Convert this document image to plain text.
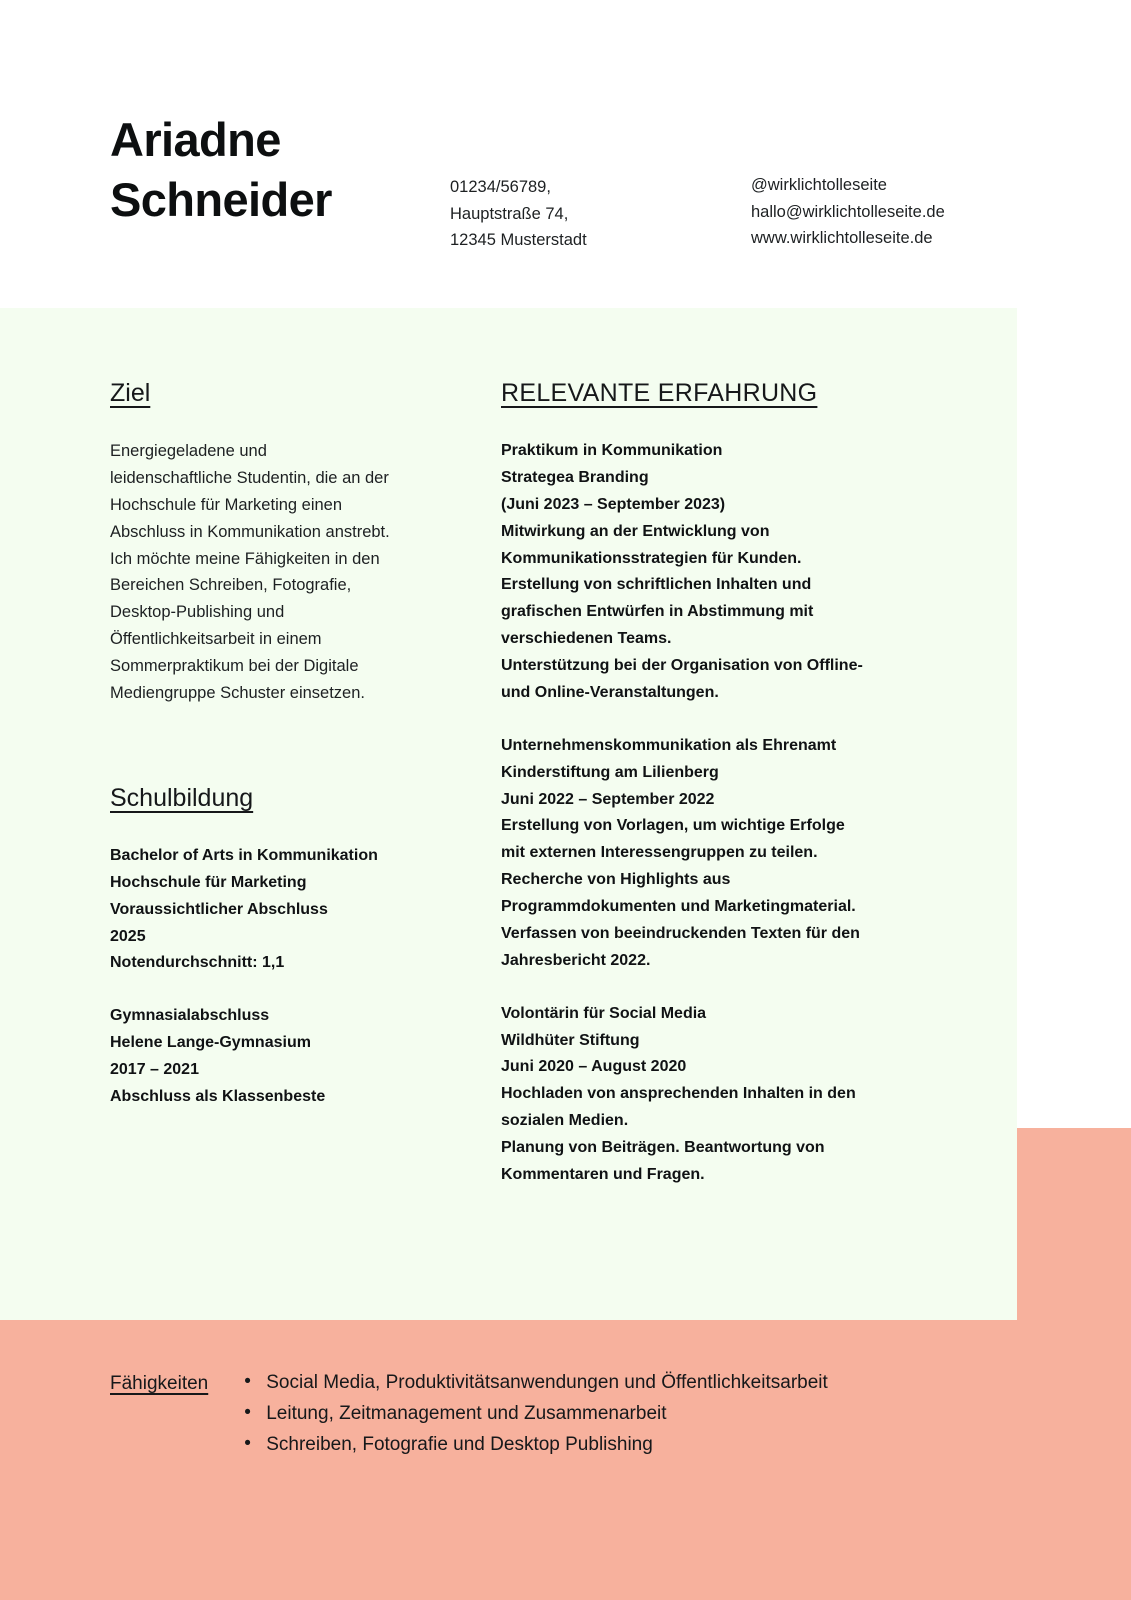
Ariadne
Schneider	01234/56789,
Hauptstraße 74,
12345 Musterstadt
@wirklichtolleseite
hallo@wirklichtolleseite.de
www.wirklichtolleseite.de
Ziel

Energiegeladene und
leidenschaftliche Studentin, die an der
Hochschule für Marketing einen
Abschluss in Kommunikation anstrebt.
Ich möchte meine Fähigkeiten in den
Bereichen Schreiben, Fotografie,
Desktop-Publishing und
Öffentlichkeitsarbeit in einem
Sommerpraktikum bei der Digitale
Mediengruppe Schuster einsetzen.

Schulbildung
Bachelor of Arts in Kommunikation
Hochschule für Marketing
Voraussichtlicher Abschluss
2025
Notendurchschnitt: 1,1
Gymnasialabschluss
Helene Lange-Gymnasium
2017 – 2021
Abschluss als Klassenbeste
RELEVANTE ERFAHRUNG
Praktikum in Kommunikation
Strategea Branding
(Juni 2023 – September 2023)
Mitwirkung an der Entwicklung von
Kommunikationsstrategien für Kunden.
Erstellung von schriftlichen Inhalten und
grafischen Entwürfen in Abstimmung mit
verschiedenen Teams.
Unterstützung bei der Organisation von Offline-
und Online-Veranstaltungen.
Unternehmenskommunikation als Ehrenamt
Kinderstiftung am Lilienberg
Juni 2022 – September 2022
Erstellung von Vorlagen, um wichtige Erfolge
mit externen Interessengruppen zu teilen.
Recherche von Highlights aus
Programmdokumenten und Marketingmaterial.
Verfassen von beeindruckenden Texten für den
Jahresbericht 2022.
Volontärin für Social Media
Wildhüter Stiftung
Juni 2020 – August 2020
Hochladen von ansprechenden Inhalten in den
sozialen Medien.
Planung von Beiträgen. Beantwortung von
Kommentaren und Fragen.
Fähigkeiten	• Social Media, Produktivitätsanwendungen und Öffentlichkeitsarbeit
• Leitung, Zeitmanagement und Zusammenarbeit
• Schreiben, Fotografie und Desktop Publishing
